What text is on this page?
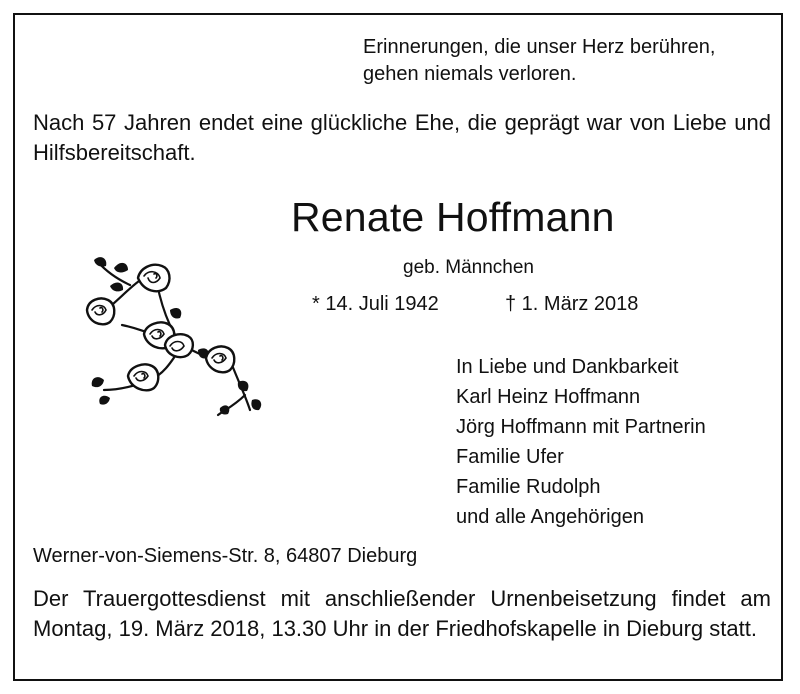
Erinnerungen, die unser Herz berühren,
gehen niemals verloren.

Nach 57 Jahren endet eine glückliche Ehe, die geprägt war von Liebe und Hilfsbereitschaft.

Renate Hoffmann
geb. Männchen
* 14. Juli 1942	† 1. März 2018
In Liebe und Dankbarkeit
Karl Heinz Hoffmann
Jörg Hoffmann mit Partnerin
Familie Ufer
Familie Rudolph
und alle Angehörigen
Werner-von-Siemens-Str. 8, 64807 Dieburg

Der Trauergottesdienst mit anschließender Urnenbeisetzung findet am Montag, 19. März 2018, 13.30 Uhr in der Friedhofskapelle in Dieburg statt.
